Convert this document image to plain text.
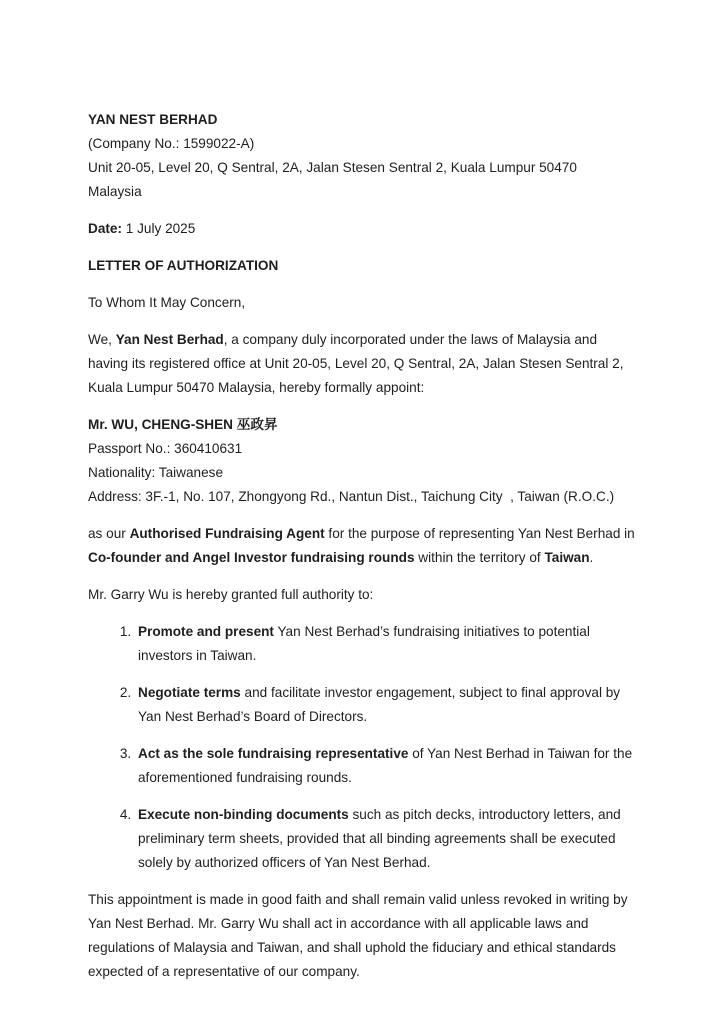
YAN NEST BERHAD
(Company No.: 1599022-A)
Unit 20-05, Level 20, Q Sentral, 2A, Jalan Stesen Sentral 2, Kuala Lumpur 50470
Malaysia

Date: 1 July 2025

LETTER OF AUTHORIZATION

To Whom It May Concern,

We, Yan Nest Berhad, a company duly incorporated under the laws of Malaysia and having its registered office at Unit 20-05, Level 20, Q Sentral, 2A, Jalan Stesen Sentral 2, Kuala Lumpur 50470 Malaysia, hereby formally appoint:

Mr. WU, CHENG-SHEN 巫政昇
Passport No.: 360410631
Nationality: Taiwanese
Address: 3F.-1, No. 107, Zhongyong Rd., Nantun Dist., Taichung City  , Taiwan (R.O.C.)

as our Authorised Fundraising Agent for the purpose of representing Yan Nest Berhad in Co-founder and Angel Investor fundraising rounds within the territory of Taiwan.

Mr. Garry Wu is hereby granted full authority to:

1. Promote and present Yan Nest Berhad’s fundraising initiatives to potential investors in Taiwan.
2. Negotiate terms and facilitate investor engagement, subject to final approval by Yan Nest Berhad’s Board of Directors.
3. Act as the sole fundraising representative of Yan Nest Berhad in Taiwan for the aforementioned fundraising rounds.
4. Execute non-binding documents such as pitch decks, introductory letters, and preliminary term sheets, provided that all binding agreements shall be executed solely by authorized officers of Yan Nest Berhad.

This appointment is made in good faith and shall remain valid unless revoked in writing by Yan Nest Berhad. Mr. Garry Wu shall act in accordance with all applicable laws and regulations of Malaysia and Taiwan, and shall uphold the fiduciary and ethical standards expected of a representative of our company.
